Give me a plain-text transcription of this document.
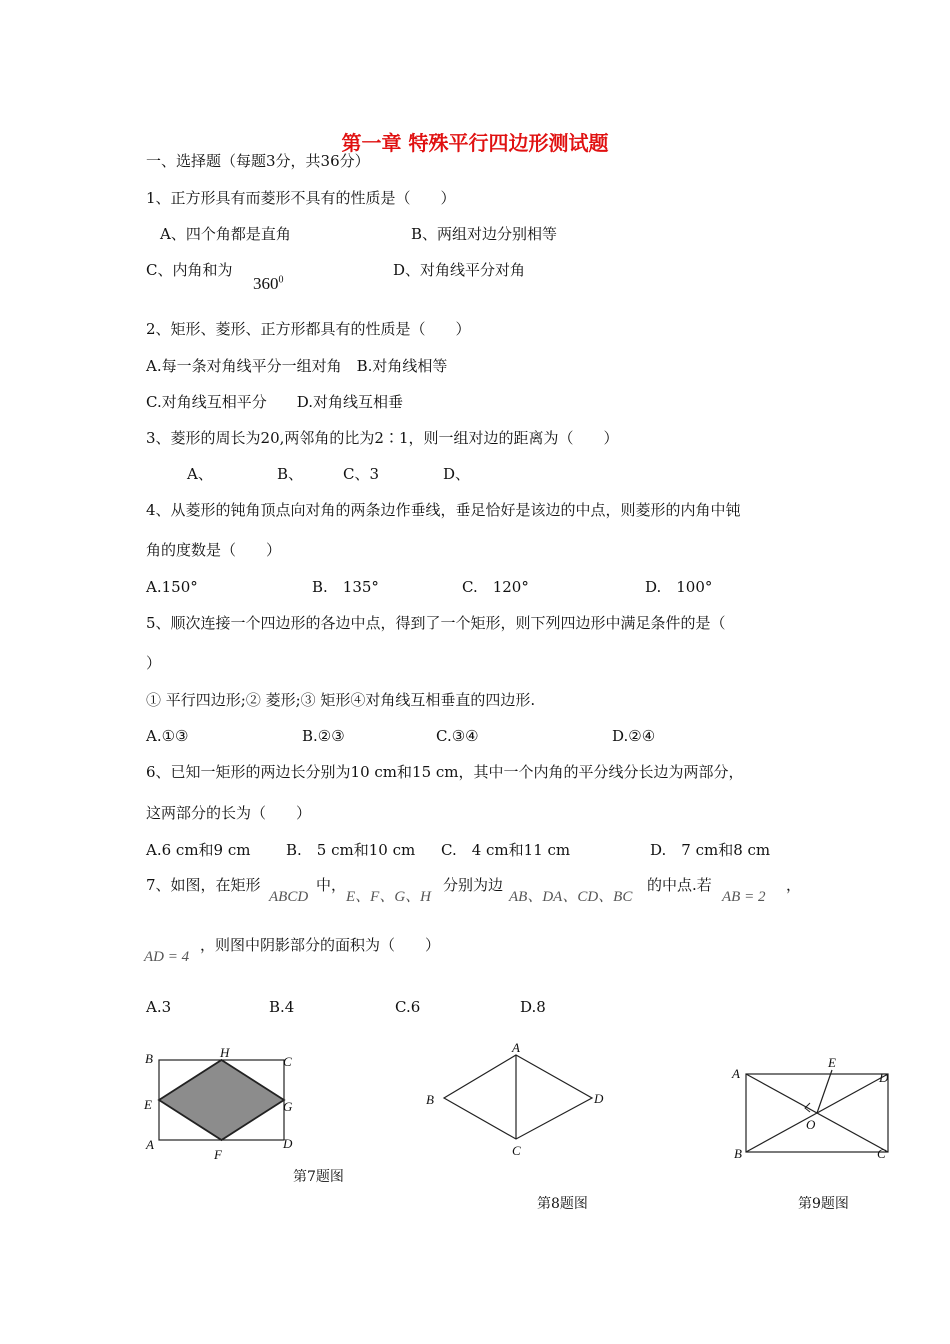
第一章 特殊平行四边形测试题
一、选择题（每题3分，共36分）
1、正方形具有而菱形不具有的性质是（　　）
A、四个角都是直角	B、两组对边分别相等
C、内角和为
$360^0$
D、对角线平分对角
2、矩形、菱形、正方形都具有的性质是（　　）
A.每一条对角线平分一组对角　B.对角线相等
C.对角线互相平分　　D.对角线互相垂
3、菱形的周长为20,两邻角的比为2∶1，则一组对边的距离为（　　）
A、	B、	C、3	D、
4、从菱形的钝角顶点向对角的两条边作垂线，垂足恰好是该边的中点，则菱形的内角中钝
角的度数是（　　）
A.150°	B.　135°	C.　120°	D.　100°
5、顺次连接一个四边形的各边中点，得到了一个矩形，则下列四边形中满足条件的是（
）
① 平行四边形;② 菱形;③ 矩形④对角线互相垂直的四边形.
A.①③	B.②③	C.③④	D.②④
6、已知一矩形的两边长分别为10 cm和15 cm，其中一个内角的平分线分长边为两部分，
这两部分的长为（　　）
A.6 cm和9 cm B.　5 cm和10 cm C.　4 cm和11 cm	D.　7 cm和8 cm
7、如图，在矩形
ABCD
中，
E、F、G、H
分别为边
AB、DA、CD、BC
的中点.若
AB = 2
，
AD = 4
，则图中阴影部分的面积为（　　）
A.3	B.4	C.6	D.8
B	H
C
E	G
A
F
D
第7题图
A
B	D
C
第8题图
A
E
D
O
B	C
第9题图
